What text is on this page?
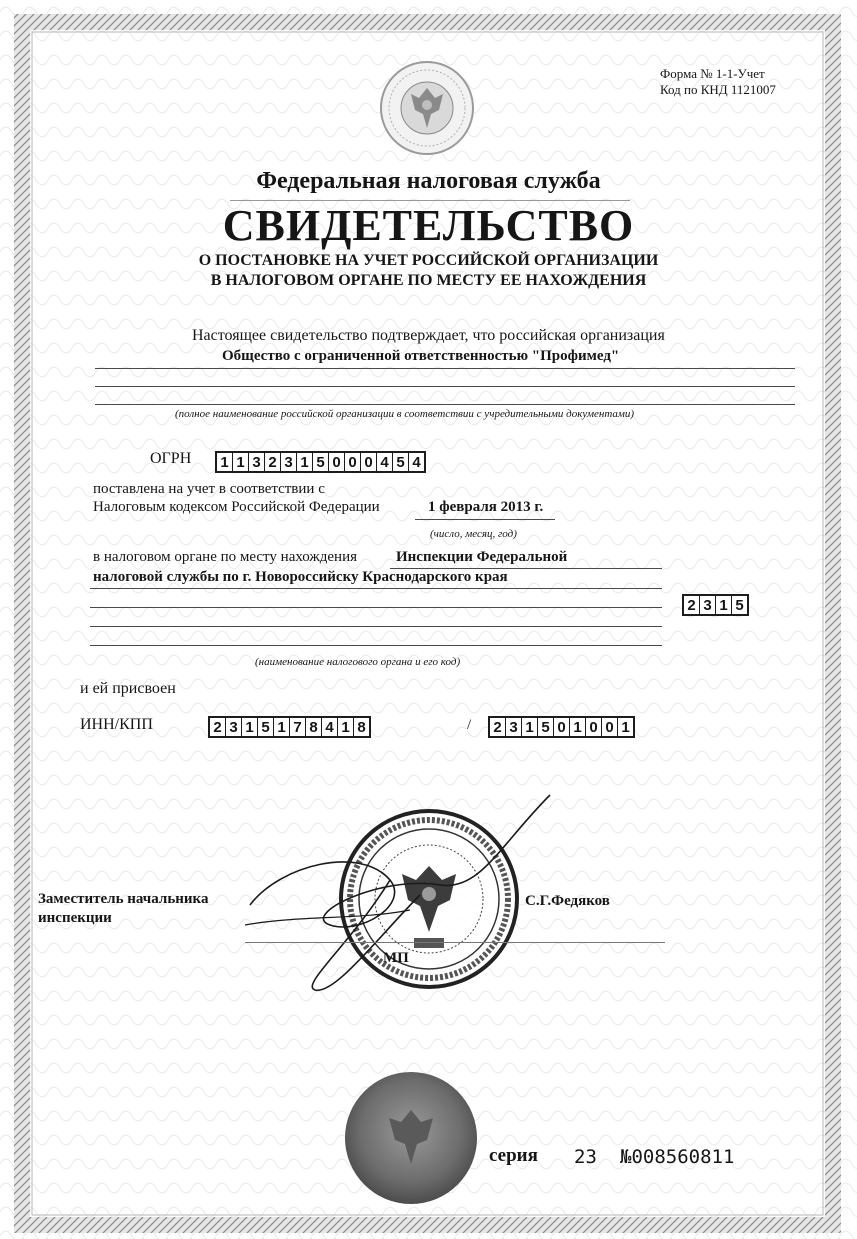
Форма № 1-1-Учет
Код по КНД 1121007
Федеральная налоговая служба
СВИДЕТЕЛЬСТВО
О ПОСТАНОВКЕ НА УЧЕТ РОССИЙСКОЙ ОРГАНИЗАЦИИ
В НАЛОГОВОМ ОРГАНЕ ПО МЕСТУ ЕЕ НАХОЖДЕНИЯ
Настоящее свидетельство подтверждает, что российская организация
Общество с ограниченной ответственностью "Профимед"
(полное наименование российской организации в соответствии с учредительными документами)
ОГРН 1 1 3 2 3 1 5 0 0 0 4 5 4
поставлена на учет в соответствии с
Налоговым кодексом Российской Федерации	1 февраля 2013 г.
(число, месяц, год)
в налоговом органе по месту нахождения	Инспекции Федеральной
налоговой службы по г. Новороссийску Краснодарского края
2 3 1 5
(наименование налогового органа и его код)
и ей присвоен
ИНН/КПП	2 3 1 5 1 7 8 4 1 8	/ 2 3 1 5 0 1 0 0 1
Заместитель начальника
инспекции
МП
С.Г.Федяков
серия 23 №008560811
